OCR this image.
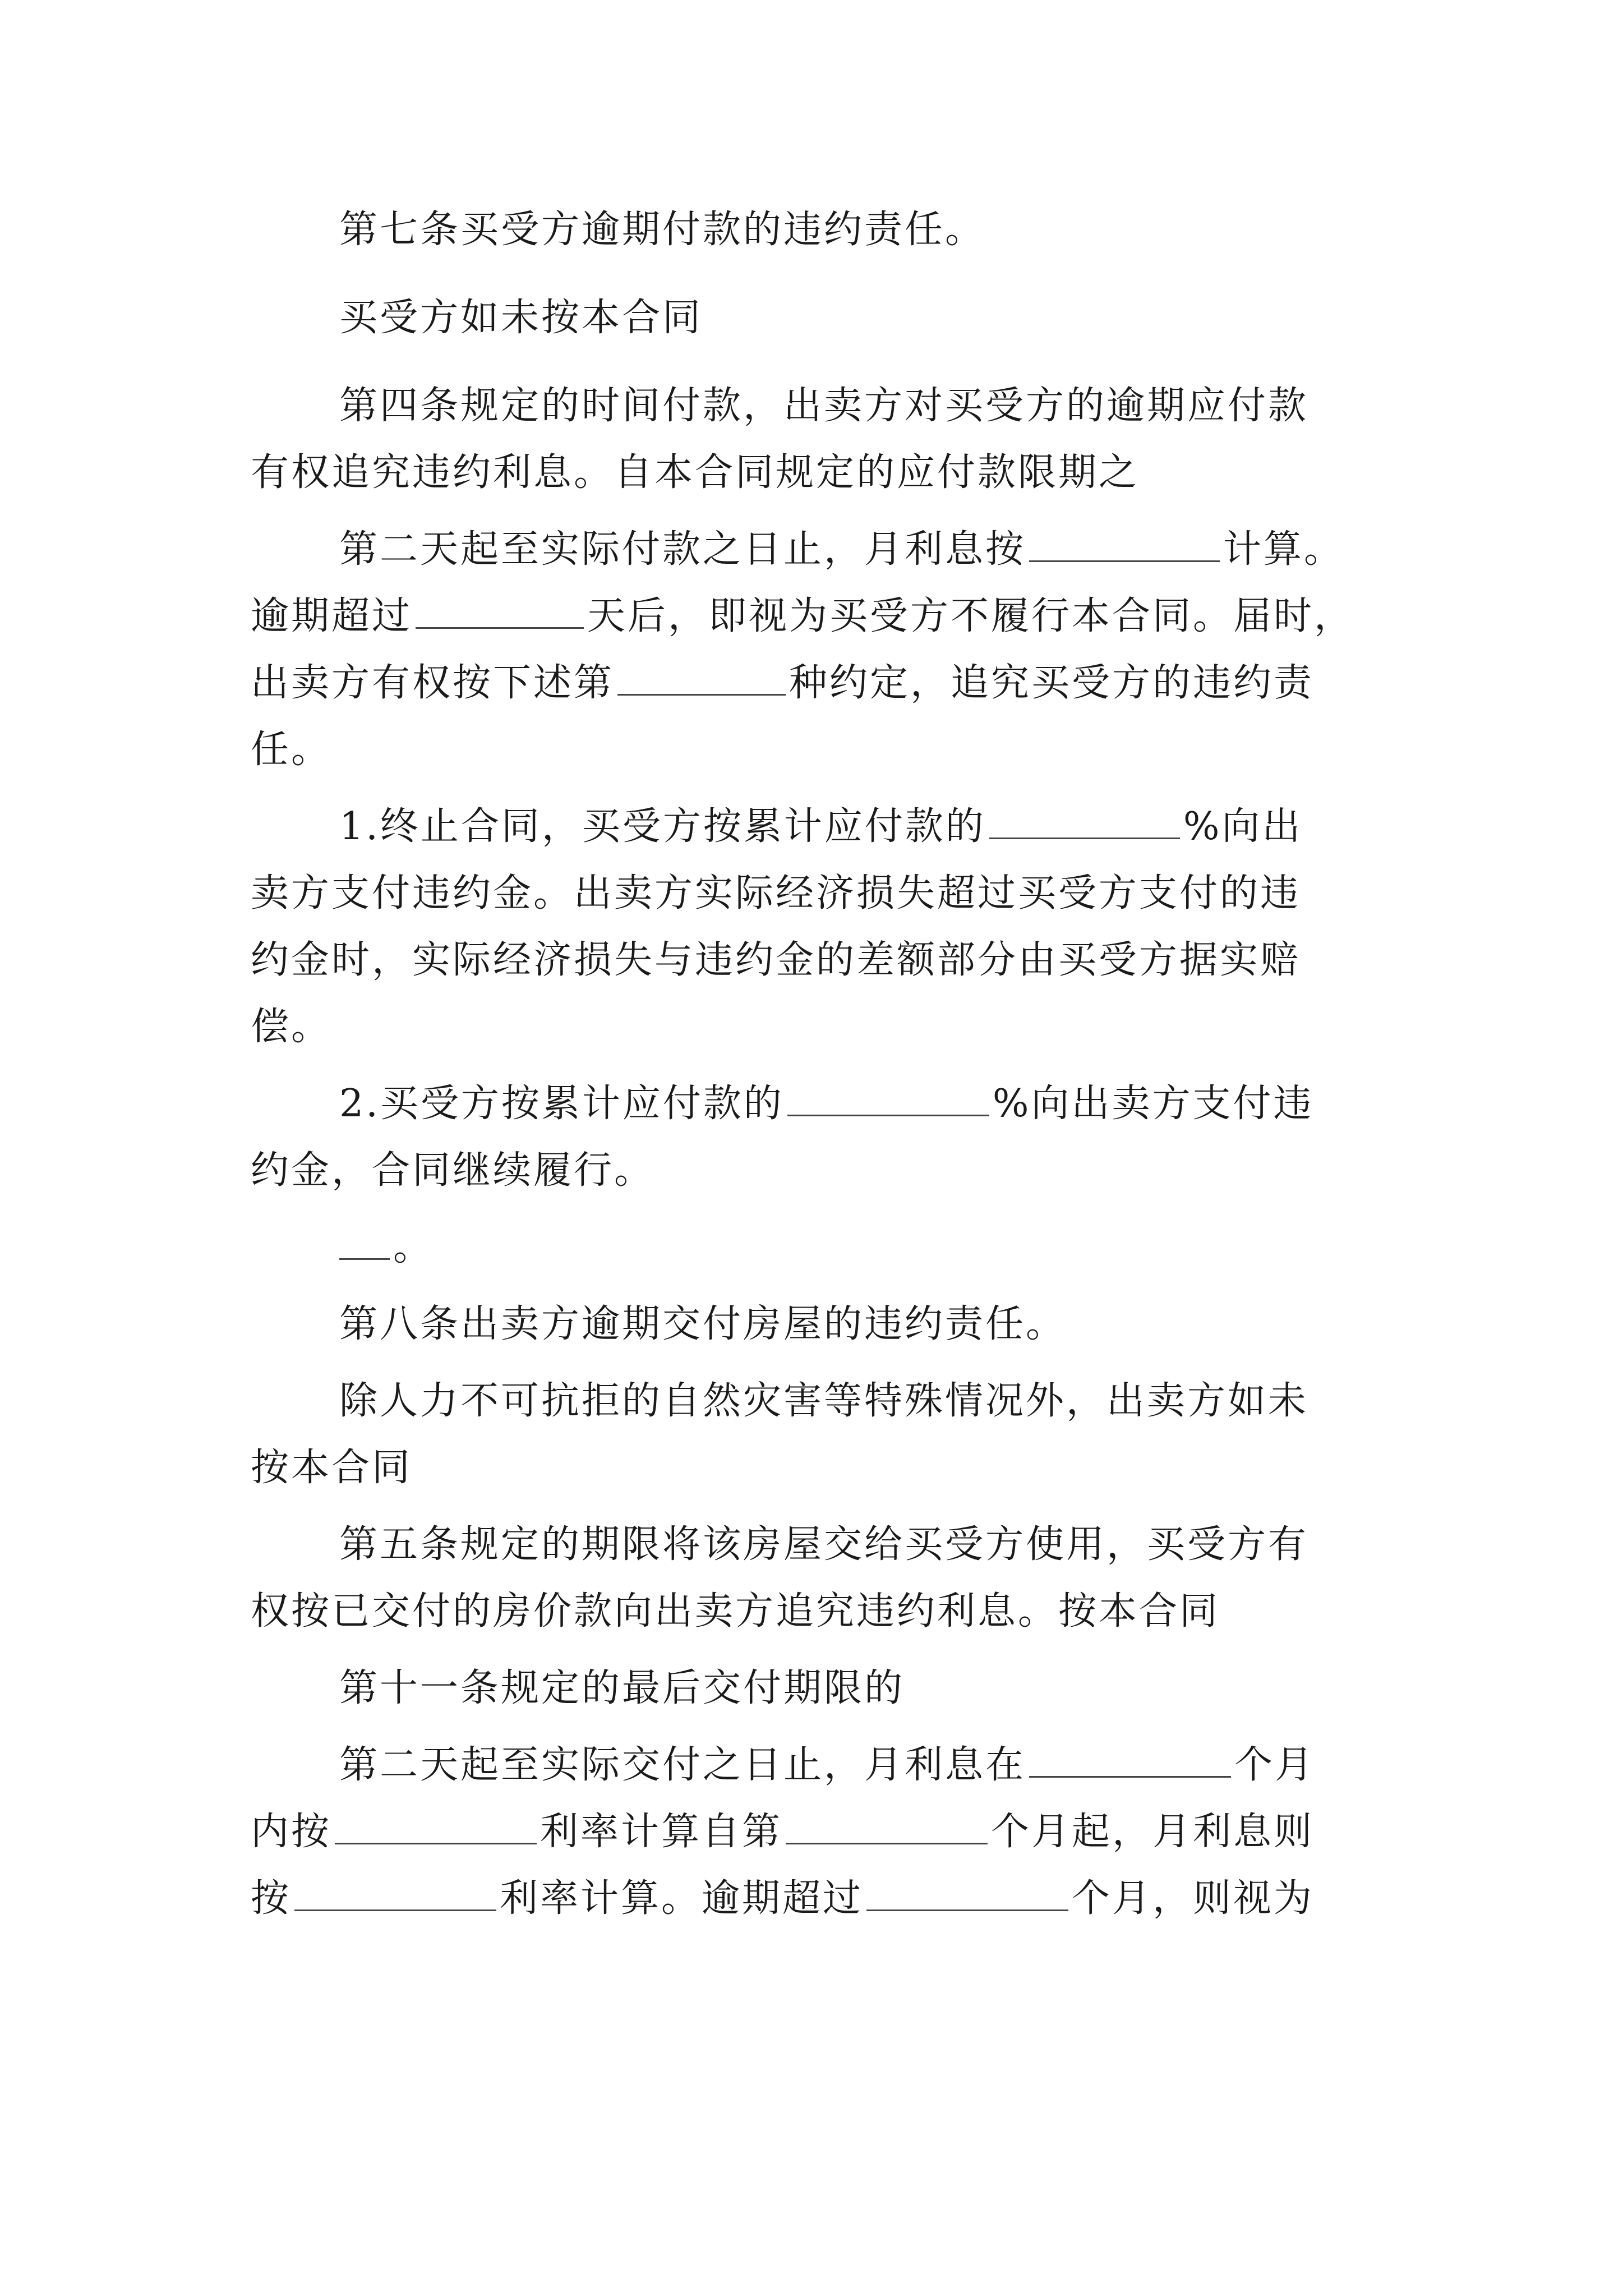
第七条买受方逾期付款的违约责任。
买受方如未按本合同
第四条规定的时间付款，出卖方对买受方的逾期应付款
有权追究违约利息。自本合同规定的应付款限期之
第二天起至实际付款之日止，月利息按	计算。
逾期超过	天后，即视为买受方不履行本合同。届时，
出卖方有权按下述第	种约定，追究买受方的违约责
任。
1.终止合同，买受方按累计应付款的	%向出
卖方支付违约金。出卖方实际经济损失超过买受方支付的违
约金时，实际经济损失与违约金的差额部分由买受方据实赔
偿。
2.买受方按累计应付款的	%向出卖方支付违
约金，合同继续履行。
。
第八条出卖方逾期交付房屋的违约责任。
除人力不可抗拒的自然灾害等特殊情况外，出卖方如未
按本合同
第五条规定的期限将该房屋交给买受方使用，买受方有
权按已交付的房价款向出卖方追究违约利息。按本合同
第十一条规定的最后交付期限的
第二天起至实际交付之日止，月利息在	个月
内按	利率计算自第	个月起，月利息则
按	利率计算。逾期超过	个月，则视为
